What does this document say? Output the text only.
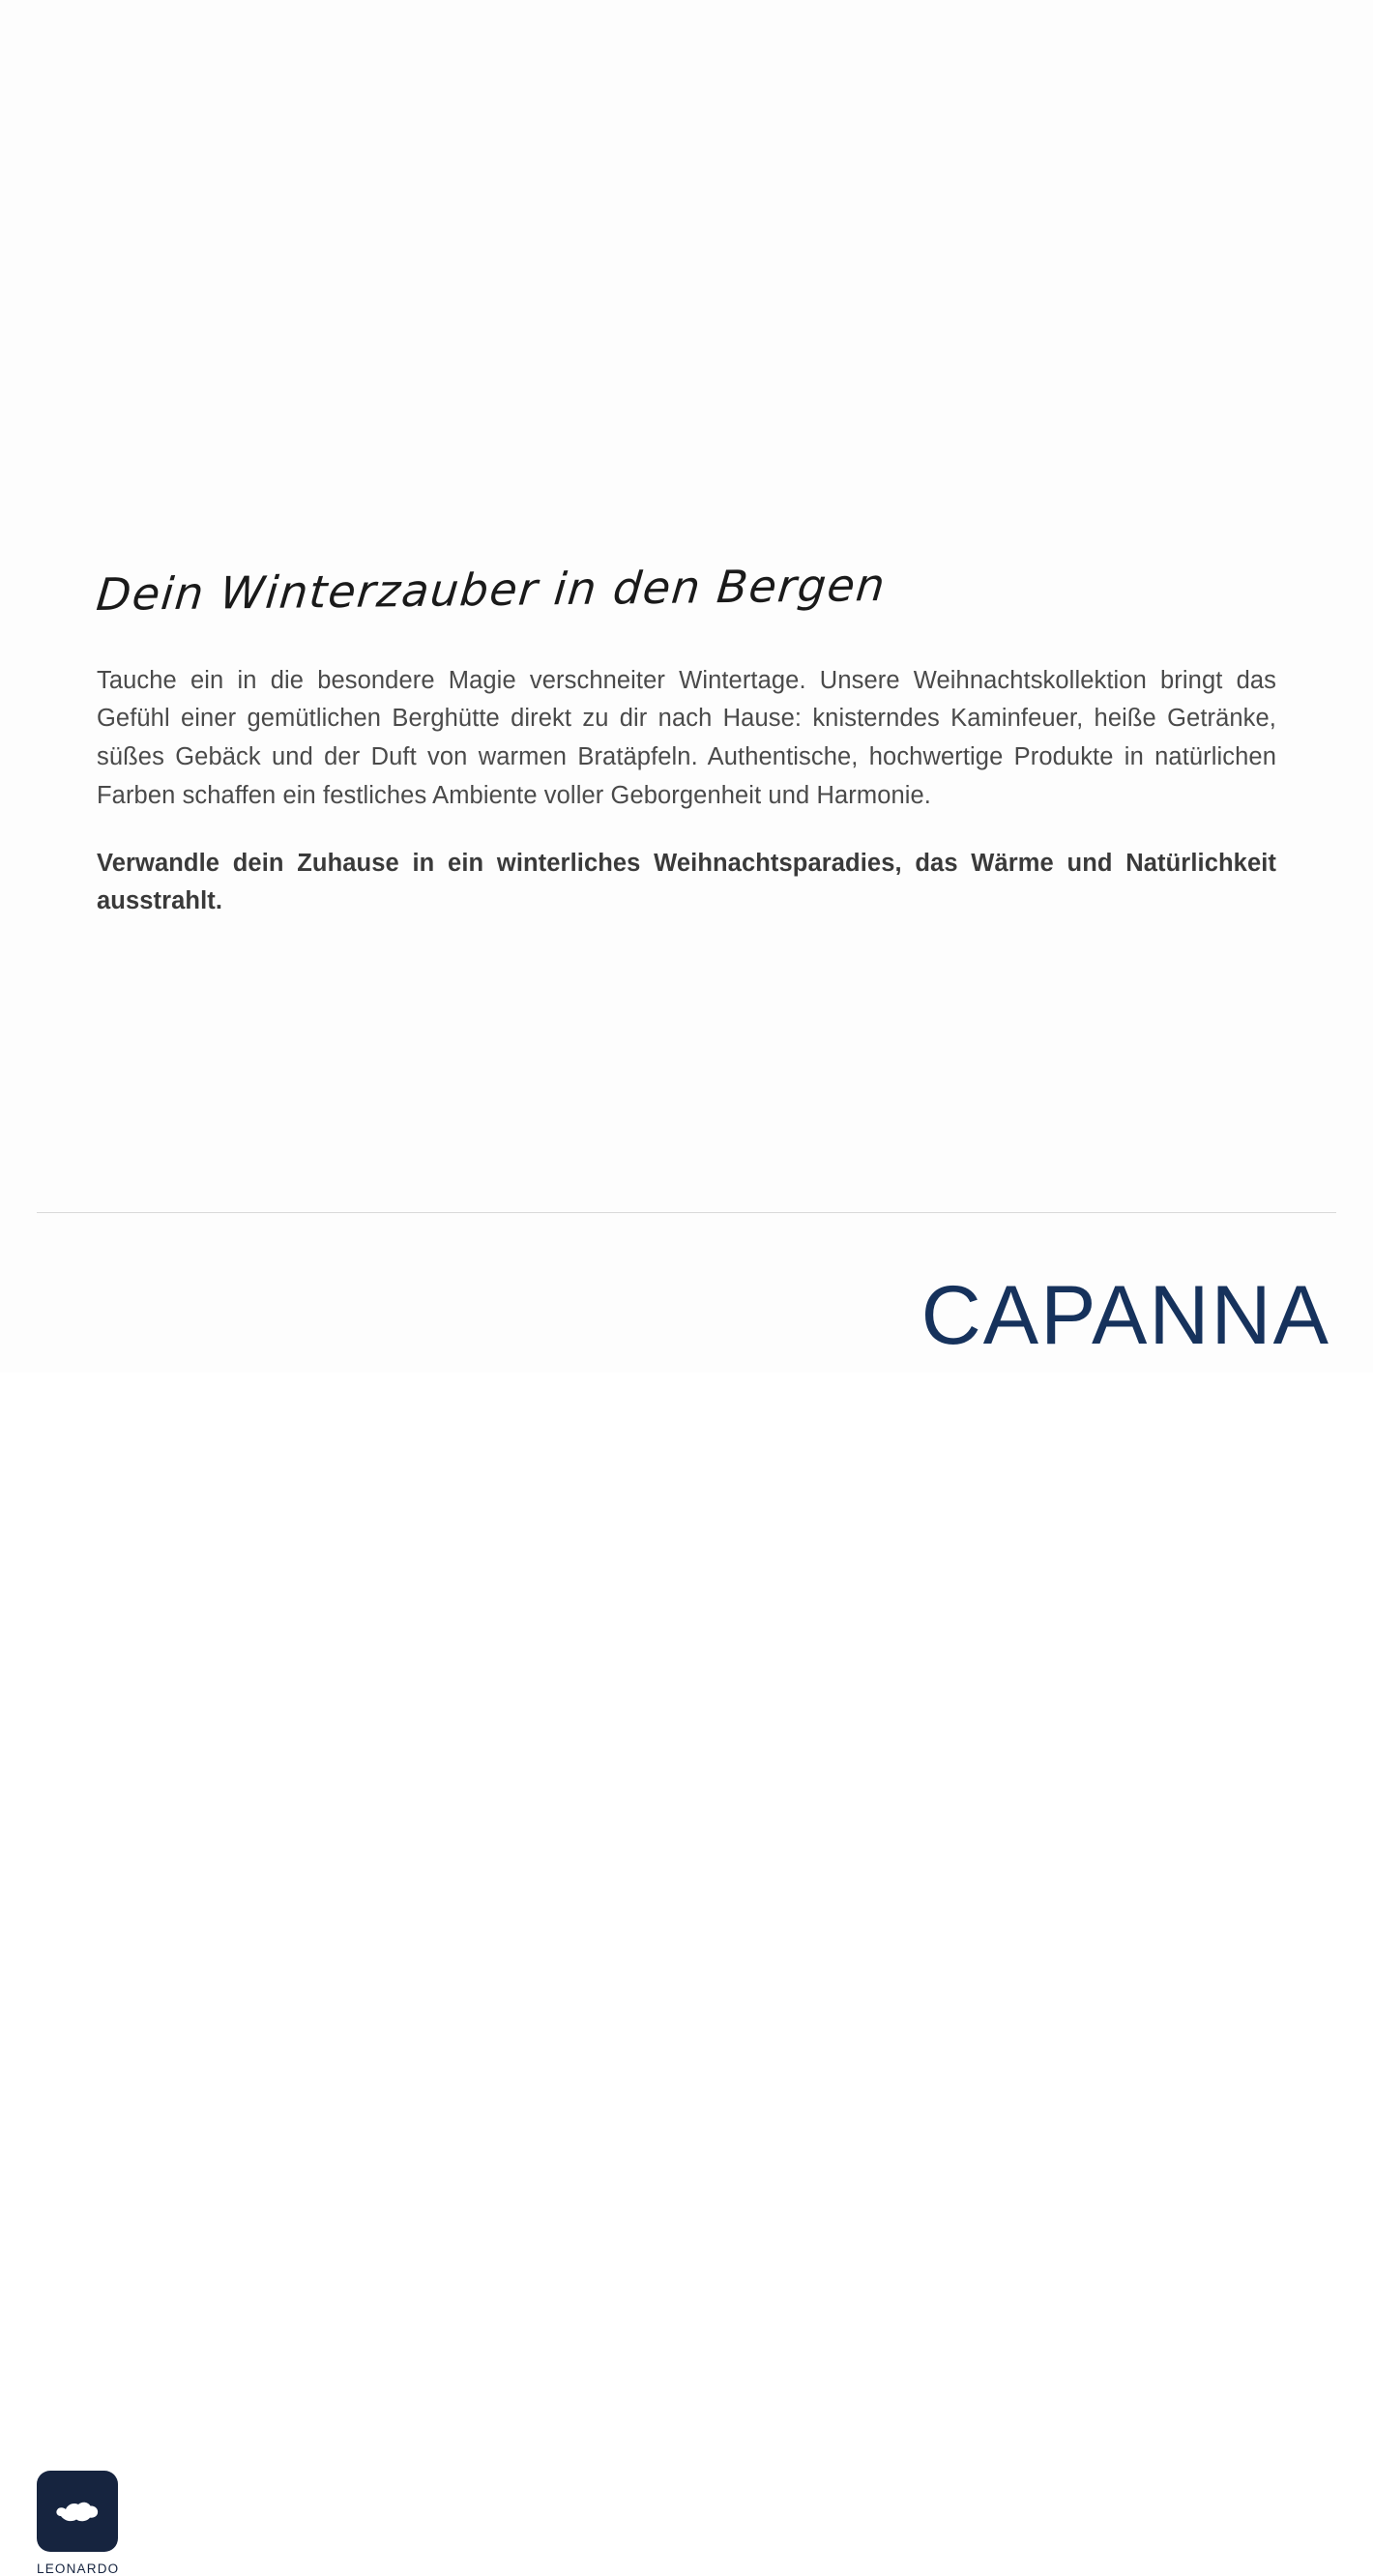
Dein Winterzauber in den Bergen

Tauche ein in die besondere Magie verschneiter Wintertage. Unsere Weihnachtskollektion bringt das Gefühl einer gemütlichen Berghütte direkt zu dir nach Hause: knisterndes Kaminfeuer, heiße Getränke, süßes Gebäck und der Duft von warmen Bratäpfeln. Authentische, hochwertige Produkte in natürlichen Farben schaffen ein festliches Ambiente voller Geborgenheit und Harmonie.

Verwandle dein Zuhause in ein winterliches Weihnachtsparadies, das Wärme und Natürlichkeit ausstrahlt.

LEONARDO
CAPANNA
